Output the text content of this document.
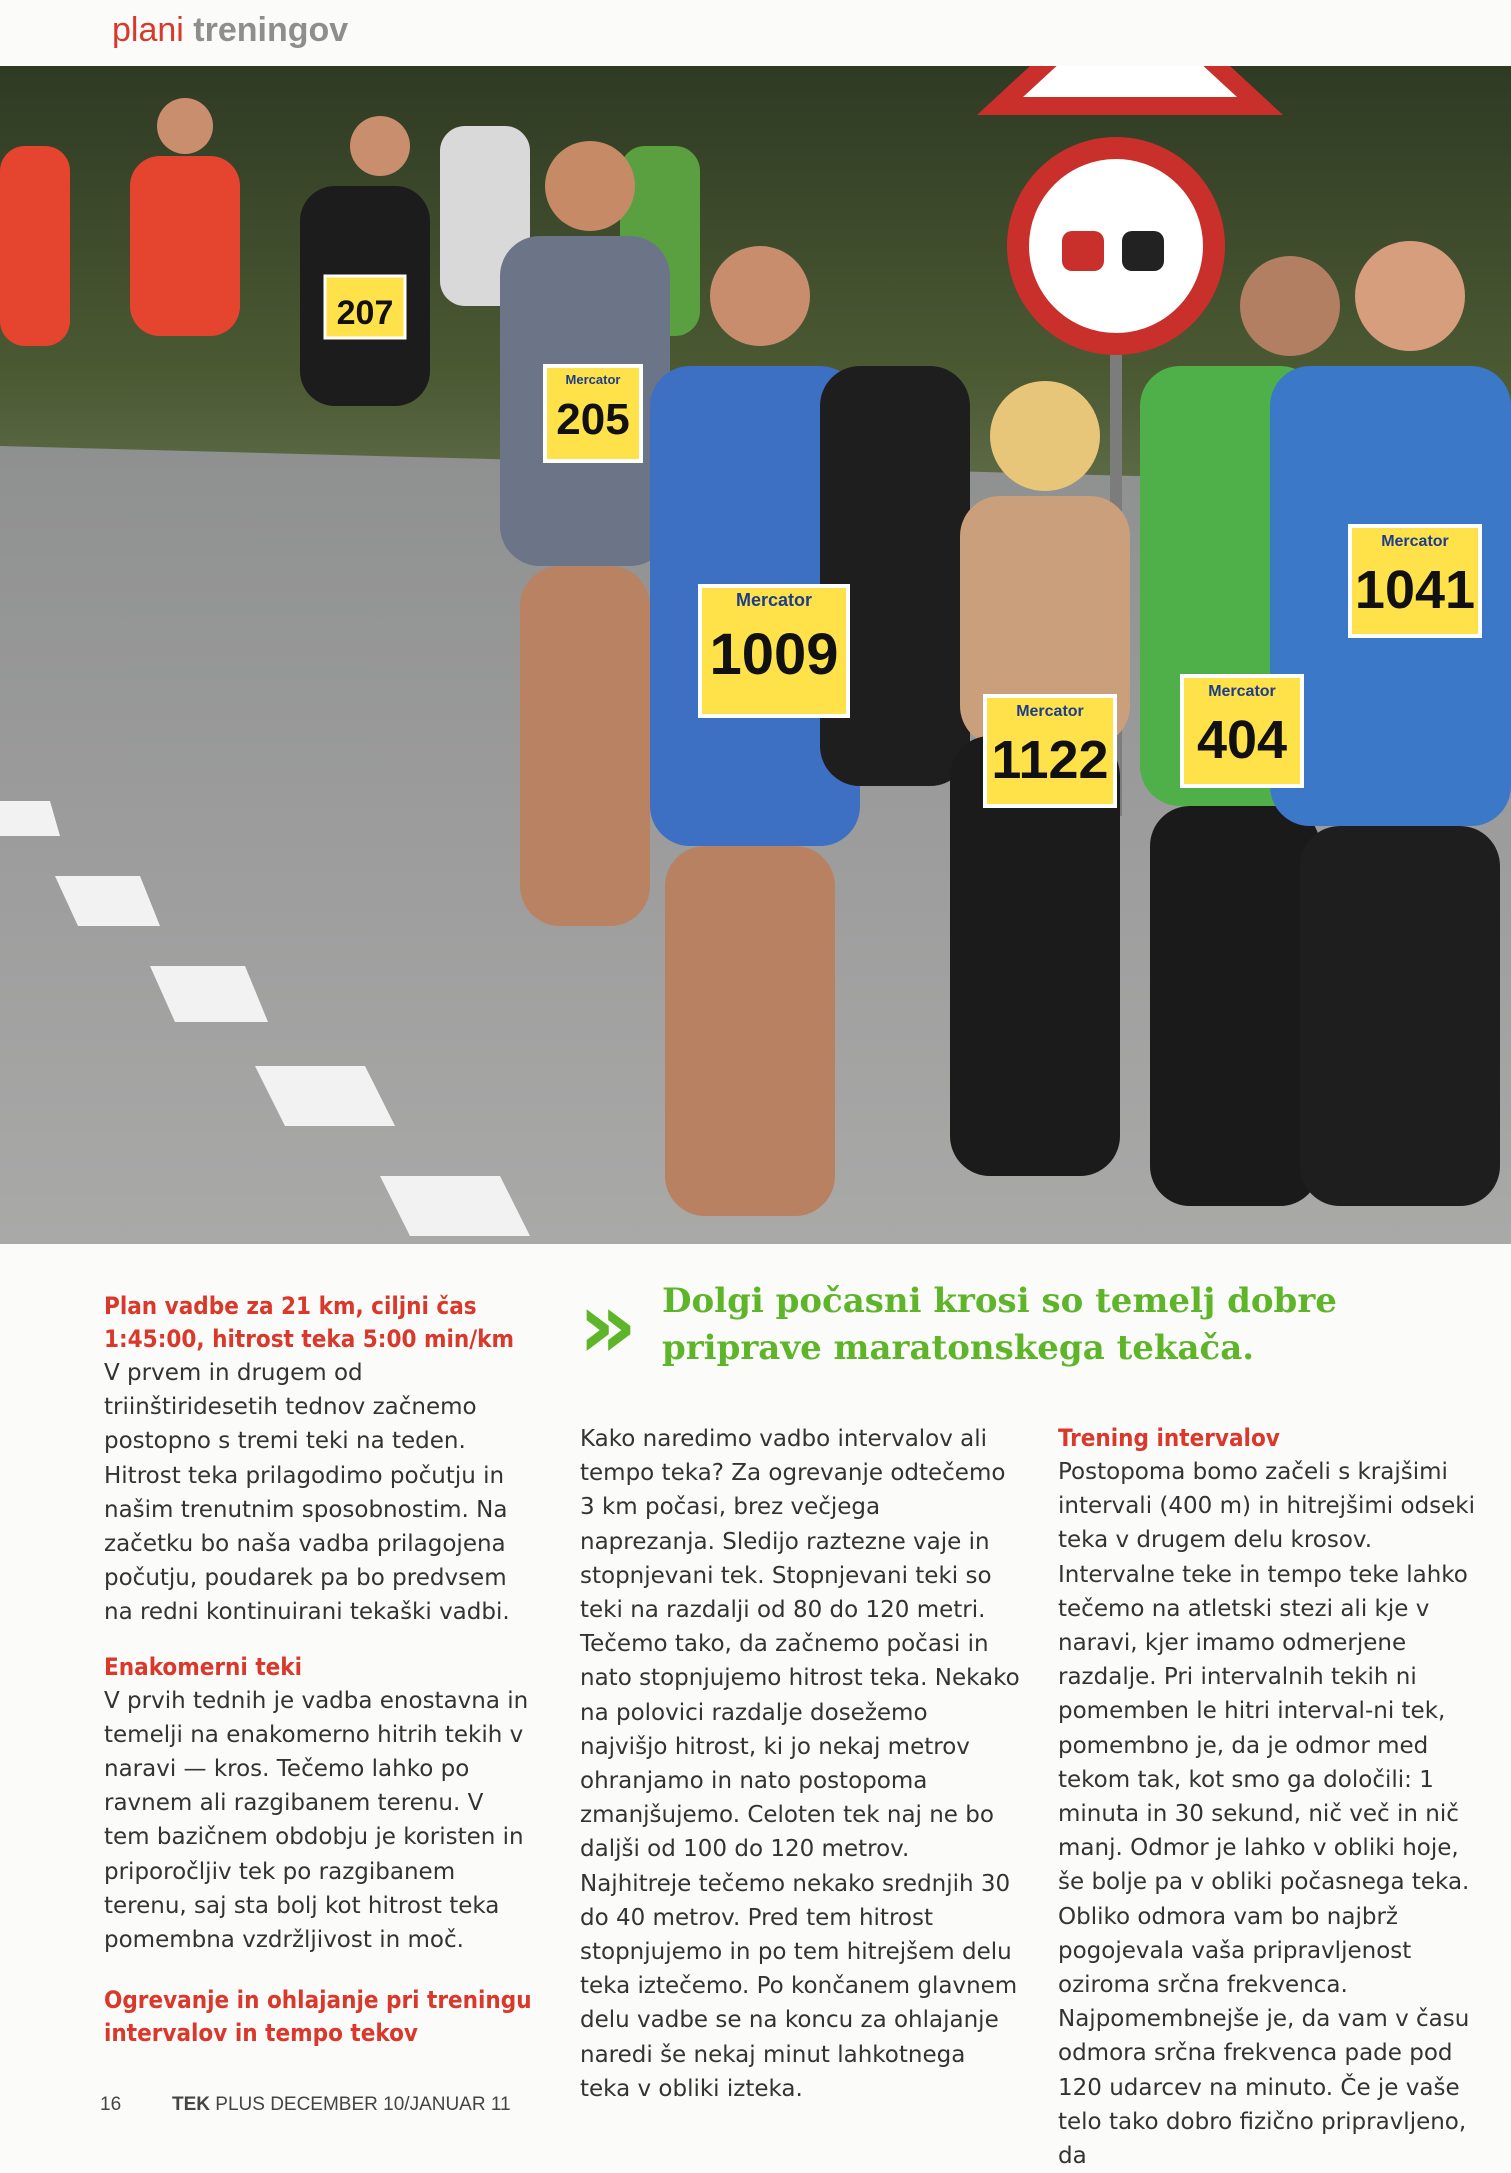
plani treningov
Mercator
205
Mercator
1009
Mercator
1122
Mercator
404
Mercator
1041
207
Plan vadbe za 21 km, ciljni čas 1:45:00, hitrost teka 5:00 min/km

V prvem in drugem od triinštiridesetih tednov začnemo postopno s tremi teki na teden. Hitrost teka prilagodimo počutju in našim trenutnim sposobnostim. Na začetku bo naša vadba prilagojena počutju, poudarek pa bo predvsem na redni kontinuirani tekaški vadbi.

Enakomerni teki

V prvih tednih je vadba enostavna in temelji na enakomerno hitrih tekih v naravi — kros. Tečemo lahko po ravnem ali razgibanem terenu. V tem bazičnem obdobju je koristen in priporočljiv tek po razgibanem terenu, saj sta bolj kot hitrost teka pomembna vzdržljivost in moč.

Ogrevanje in ohlajanje pri treningu intervalov in tempo tekov
» Dolgi počasni krosi so temelj dobre priprave maratonskega tekača.

Kako naredimo vadbo intervalov ali tempo teka? Za ogrevanje odtečemo 3 km počasi, brez večjega naprezanja. Sledijo raztezne vaje in stopnjevani tek. Stopnjevani teki so teki na razdalji od 80 do 120 metri. Tečemo tako, da začnemo počasi in nato stopnjujemo hitrost teka. Nekako na polovici razdalje dosežemo najvišjo hitrost, ki jo nekaj metrov ohranjamo in nato postopoma zmanjšujemo. Celoten tek naj ne bo daljši od 100 do 120 metrov. Najhitreje tečemo nekako srednjih 30 do 40 metrov. Pred tem hitrost stopnjujemo in po tem hitrejšem delu teka iztečemo. Po končanem glavnem delu vadbe se na koncu za ohlajanje naredi še nekaj minut lahkotnega teka v obliki izteka.

Trening intervalov

Postopoma bomo začeli s krajšimi intervali (400 m) in hitrejšimi odseki teka v drugem delu krosov. Intervalne teke in tempo teke lahko tečemo na atletski stezi ali kje v naravi, kjer imamo odmerjene razdalje. Pri intervalnih tekih ni pomemben le hitri interval-ni tek, pomembno je, da je odmor med tekom tak, kot smo ga določili: 1 minuta in 30 sekund, nič več in nič manj. Odmor je lahko v obliki hoje, še bolje pa v obliki počasnega teka. Obliko odmora vam bo najbrž pogojevala vaša pripravljenost oziroma srčna frekvenca. Najpomembnejše je, da vam v času odmora srčna frekvenca pade pod 120 udarcev na minuto. Če je vaše telo tako dobro fizično pripravljeno, da

16	TEK PLUS DECEMBER 10/JANUAR 11
